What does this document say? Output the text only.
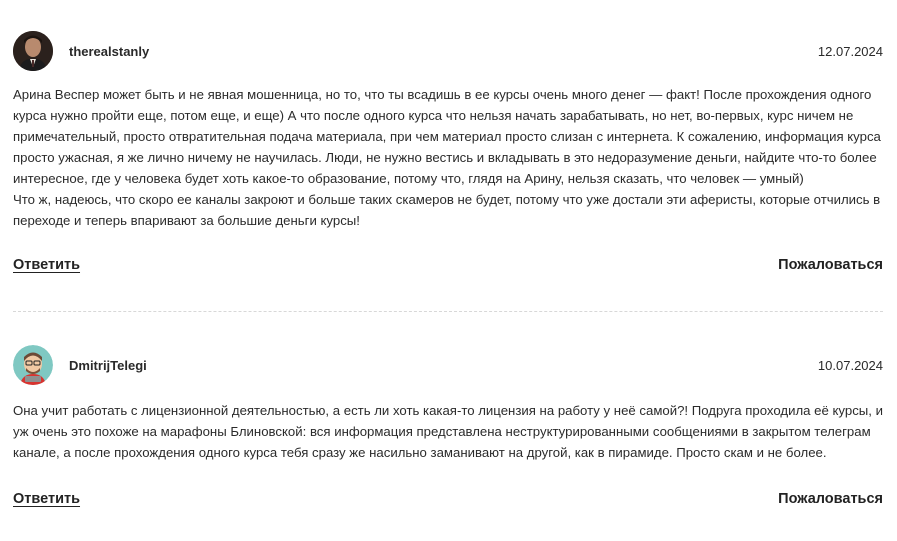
therealstanly	12.07.2024
Арина Веспер может быть и не явная мошенница, но то, что ты всадишь в ее курсы очень много денег — факт! После прохождения одного курса нужно пройти еще, потом еще, и еще) А что после одного курса что нельзя начать зарабатывать, но нет, во-первых, курс ничем не примечательный, просто отвратительная подача материала, при чем материал просто слизан с интернета. К сожалению, информация курса просто ужасная, я же лично ничему не научилась. Люди, не нужно вестись и вкладывать в это недоразумение деньги, найдите что-то более интересное, где у человека будет хоть какое-то образование, потому что, глядя на Арину, нельзя сказать, что человек — умный)
Что ж, надеюсь, что скоро ее каналы закроют и больше таких скамеров не будет, потому что уже достали эти аферисты, которые отчились в переходе и теперь впаривают за большие деньги курсы!
Ответить	Пожаловаться
DmitrijTelegi	10.07.2024
Она учит работать с лицензионной деятельностью, а есть ли хоть какая-то лицензия на работу у неё самой?! Подруга проходила её курсы, и уж очень это похоже на марафоны Блиновской: вся информация представлена неструктурированными сообщениями в закрытом телеграм канале, а после прохождения одного курса тебя сразу же насильно заманивают на другой, как в пирамиде. Просто скам и не более.
Ответить	Пожаловаться
